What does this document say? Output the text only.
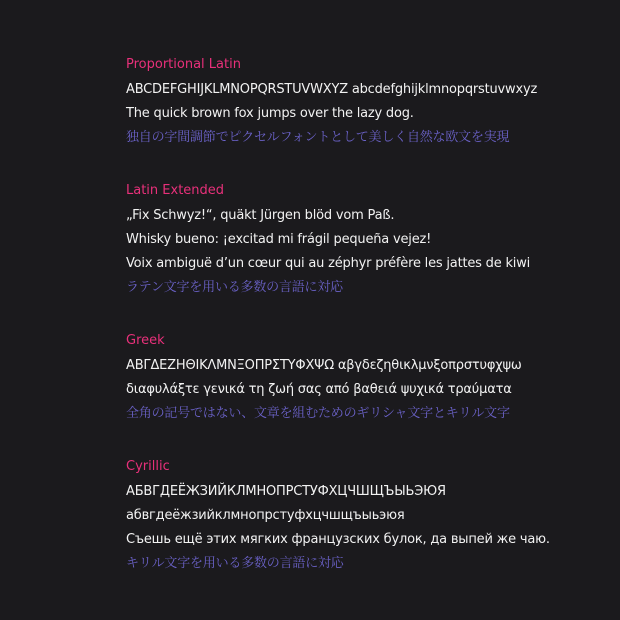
Proportional Latin
ABCDEFGHIJKLMNOPQRSTUVWXYZ abcdefghijklmnopqrstuvwxyz
The quick brown fox jumps over the lazy dog.
独自の字間調節でピクセルフォントとして美しく自然な欧文を実現
Latin Extended
„Fix Schwyz!“, quäkt Jürgen blöd vom Paß.
Whisky bueno: ¡excitad mi frágil pequeña vejez!
Voix ambiguë d’un cœur qui au zéphyr préfère les jattes de kiwi
ラテン文字を用いる多数の言語に対応
Greek
ΑΒΓΔΕΖΗΘΙΚΛΜΝΞΟΠΡΣΤΥΦΧΨΩ αβγδεζηθικλμνξοπρστυφχψω
διαφυλάξτε γενικά τη ζωή σας από βαθειά ψυχικά τραύματα
全角の記号ではない、文章を組むためのギリシャ文字とキリル文字
Cyrillic
АБВГДЕЁЖЗИЙКЛМНОПРСТУФХЦЧШЩЪЫЬЭЮЯ
абвгдеёжзийклмнопрстуфхцчшщъыьэюя
Съешь ещё этих мягких французских булок, да выпей же чаю.
キリル文字を用いる多数の言語に対応
